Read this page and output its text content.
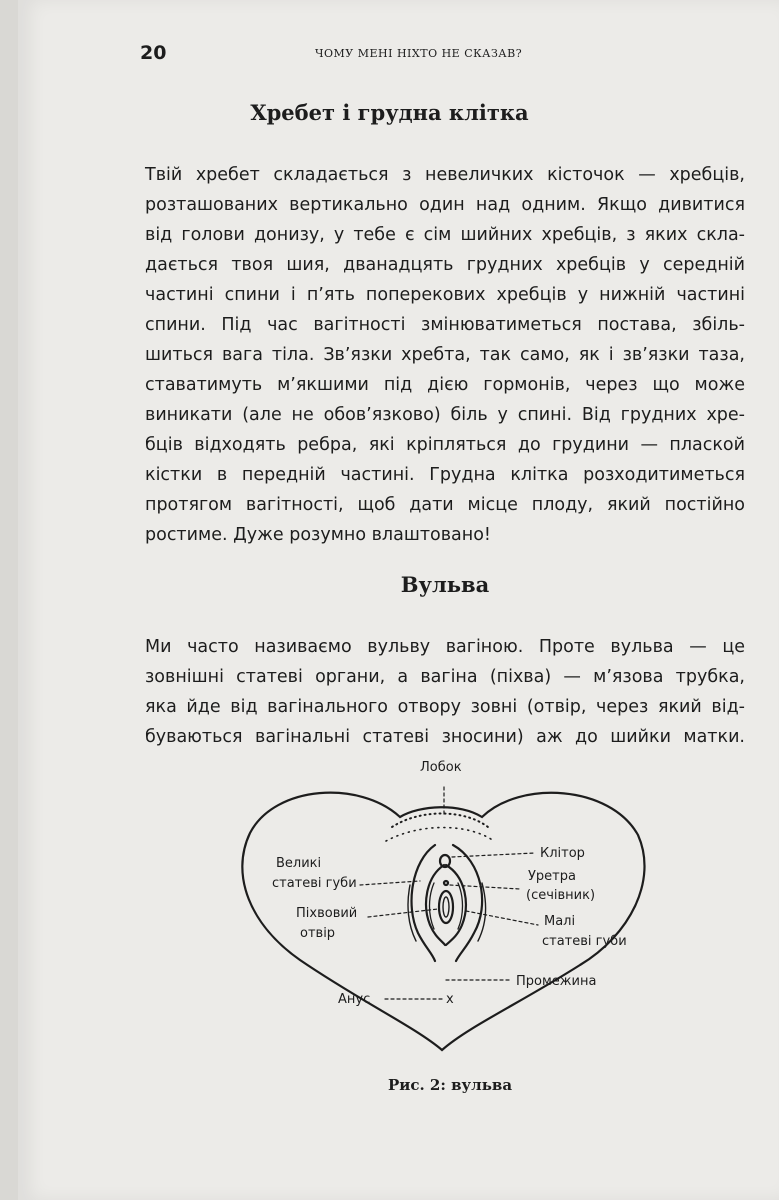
20	ЧОМУ МЕНІ НІХТО НЕ СКАЗАВ?
Хребет і грудна клітка

Твій хребет складається з невеличких кісточок — хребців,
розташованих вертикально один над одним. Якщо дивитися
від голови донизу, у тебе є сім шийних хребців, з яких скла-
дається твоя шия, дванадцять грудних хребців у середній
частині спини і п’ять поперекових хребців у нижній частині
спини. Під час вагітності змінюватиметься постава, збіль-
шиться вага тіла. Зв’язки хребта, так само, як і зв’язки таза,
ставатимуть м’якшими під дією гормонів, через що може
виникати (але не обов’язково) біль у спині. Від грудних хре-
бців відходять ребра, які кріпляться до грудини — плаской
кістки в передній частині. Грудна клітка розходитиметься
протягом вагітності, щоб дати місце плоду, який постійно
ростиме. Дуже розумно влаштовано!

Вульва

Ми часто називаємо вульву вагіною. Проте вульва — це
зовнішні статеві органи, а вагіна (піхва) — м’язова трубка,
яка йде від вагінального отвору зовні (отвір, через який від-
буваються вагінальні статеві зносини) аж до шийки матки.

Лобок
Клітор
Великі
статеві губи	Уретра
(сечівник)
Піхвовий
отвір
Малі
статеві губи
Промежина
Анус	x
Рис. 2: вульва
